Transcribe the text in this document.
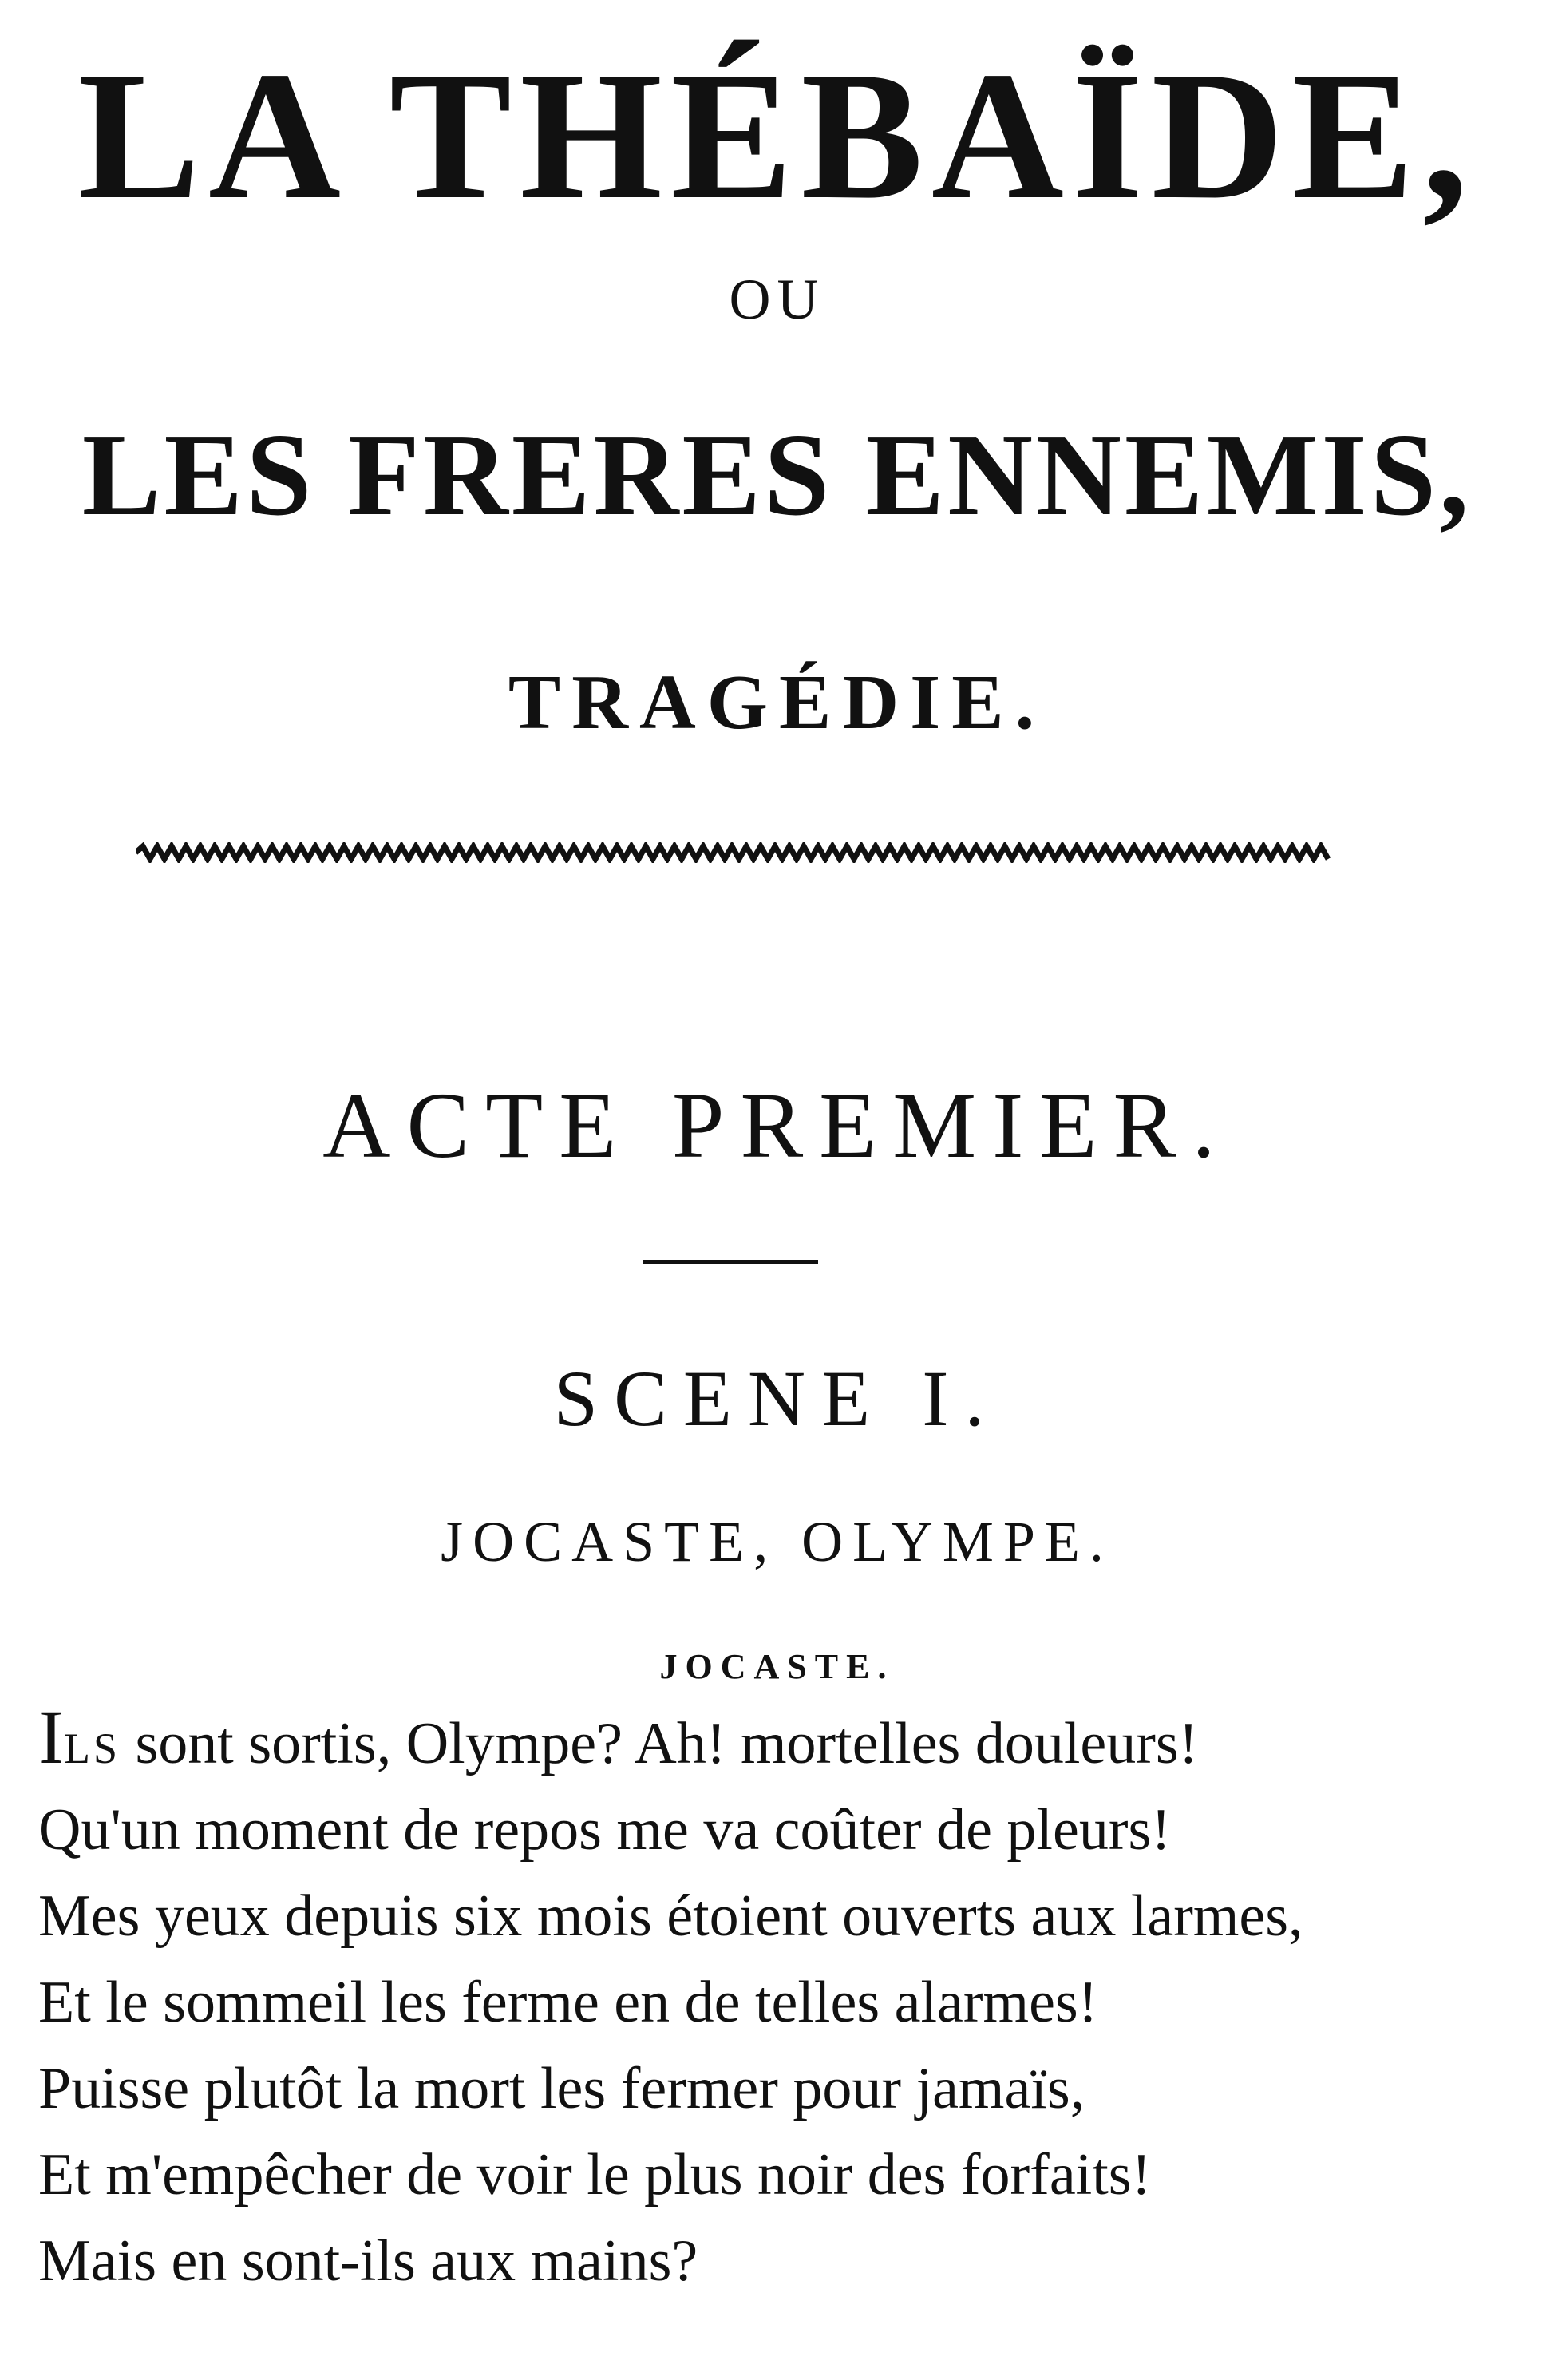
LA THÉBAÏDE,
OU
LES FRERES ENNEMIS,
TRAGÉDIE.
ACTE PREMIER.
SCENE I.
JOCASTE, OLYMPE.
JOCASTE.
ILS sont sortis, Olympe? Ah! mortelles douleurs!
Qu'un moment de repos me va coûter de pleurs!
Mes yeux depuis six mois étoient ouverts aux larmes,
Et le sommeil les ferme en de telles alarmes!
Puisse plutôt la mort les fermer pour jamaïs,
Et m'empêcher de voir le plus noir des forfaits!
Mais en sont-ils aux mains?
